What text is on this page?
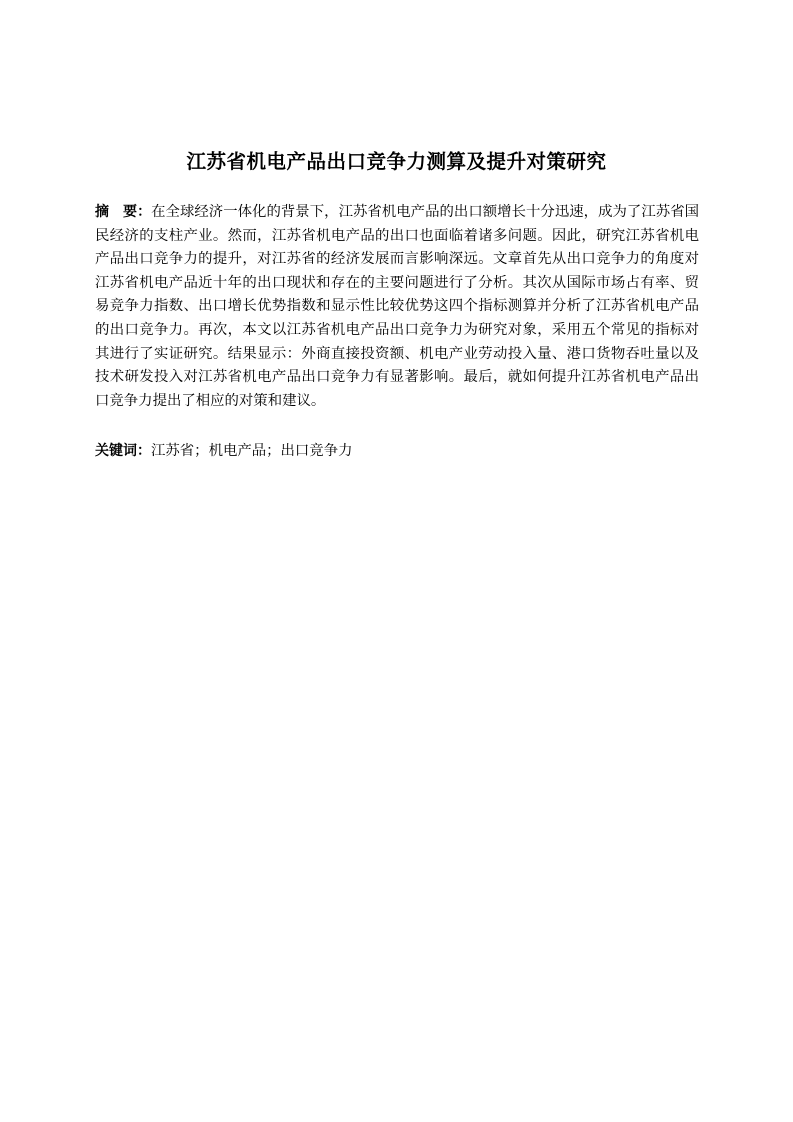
江苏省机电产品出口竞争力测算及提升对策研究

摘　要：在全球经济一体化的背景下，江苏省机电产品的出口额增长十分迅速，成为了江苏省国民经济的支柱产业。然而，江苏省机电产品的出口也面临着诸多问题。因此，研究江苏省机电产品出口竞争力的提升，对江苏省的经济发展而言影响深远。文章首先从出口竞争力的角度对江苏省机电产品近十年的出口现状和存在的主要问题进行了分析。其次从国际市场占有率、贸易竞争力指数、出口增长优势指数和显示性比较优势这四个指标测算并分析了江苏省机电产品的出口竞争力。再次，本文以江苏省机电产品出口竞争力为研究对象，采用五个常见的指标对其进行了实证研究。结果显示：外商直接投资额、机电产业劳动投入量、港口货物吞吐量以及技术研发投入对江苏省机电产品出口竞争力有显著影响。最后，就如何提升江苏省机电产品出口竞争力提出了相应的对策和建议。

关键词：江苏省；机电产品；出口竞争力
